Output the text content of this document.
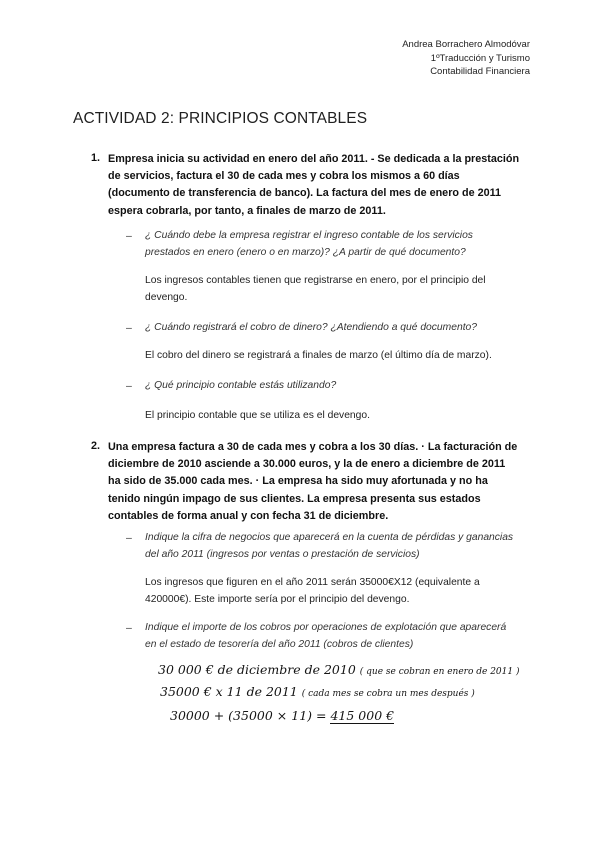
Andrea Borrachero Almodóvar
1ºTraducción y Turismo
Contabilidad Financiera
ACTIVIDAD 2: PRINCIPIOS CONTABLES
1. Empresa inicia su actividad en enero del año 2011. - Se dedicada a la prestación de servicios, factura el 30 de cada mes y cobra los mismos a 60 días (documento de transferencia de banco). La factura del mes de enero de 2011 espera cobrarla, por tanto, a finales de marzo de 2011.
– ¿ Cuándo debe la empresa registrar el ingreso contable de los servicios prestados en enero (enero o en marzo)? ¿A partir de qué documento?
Los ingresos contables tienen que registrarse en enero, por el principio del devengo.
– ¿ Cuándo registrará el cobro de dinero? ¿Atendiendo a qué documento?
El cobro del dinero se registrará a finales de marzo (el último día de marzo).
– ¿ Qué principio contable estás utilizando?
El principio contable que se utiliza es el devengo.
2. Una empresa factura a 30 de cada mes y cobra a los 30 días. · La facturación de diciembre de 2010 asciende a 30.000 euros, y la de enero a diciembre de 2011 ha sido de 35.000 cada mes. · La empresa ha sido muy afortunada y no ha tenido ningún impago de sus clientes. La empresa presenta sus estados contables de forma anual y con fecha 31 de diciembre.
– Indique la cifra de negocios que aparecerá en la cuenta de pérdidas y ganancias del año 2011 (ingresos por ventas o prestación de servicios)
Los ingresos que figuren en el año 2011 serán 35000€X12 (equivalente a 420000€). Este importe sería por el principio del devengo.
– Indique el importe de los cobros por operaciones de explotación que aparecerá en el estado de tesorería del año 2011 (cobros de clientes)
30 000 € de diciembre de 2010 ( que se cobran en enero de 2011 )
35000 € x 11 de 2011 ( cada mes se cobra un mes después )
30000 + (35000 × 11) = 415 000 €
